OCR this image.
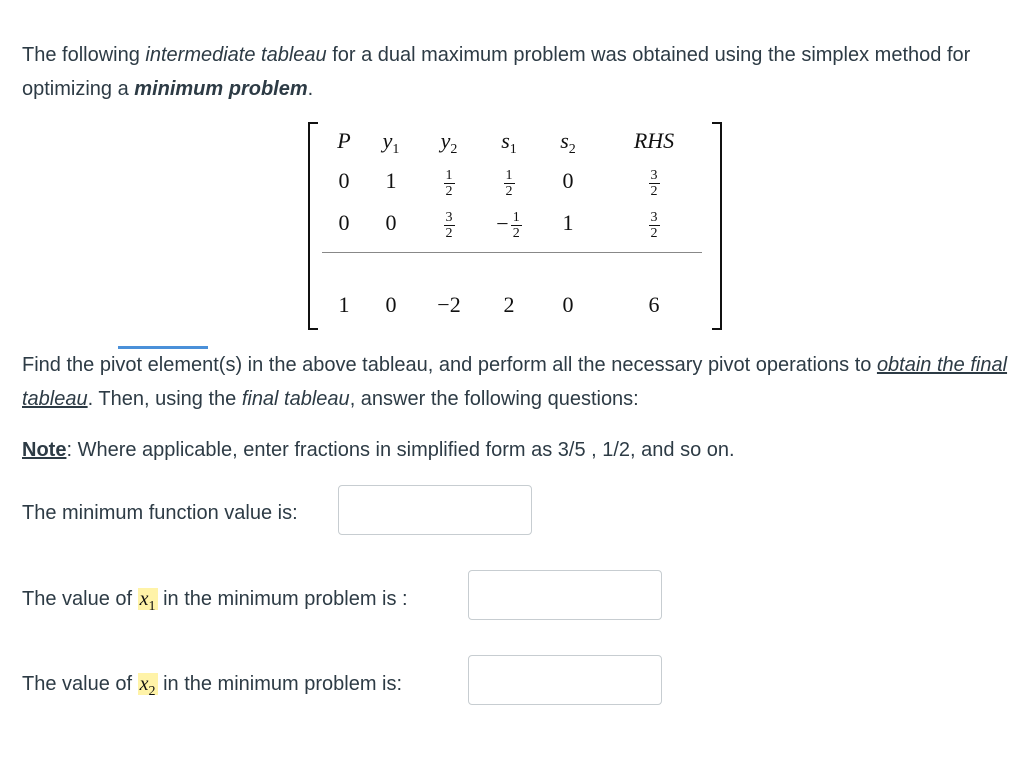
The following intermediate tableau for a dual maximum problem was obtained using the simplex method for optimizing a minimum problem.

P	$y_1$	$y_2$	$s_1$	$s_2$	RHS
0	1	$\frac{1}{2}$	$\frac{1}{2}$	0	$\frac{3}{2}$
0	0	$\frac{3}{2}$	− $\frac{1}{2}$	1	$\frac{3}{2}$
1	0	−2	2	0	6

Find the pivot element(s) in the above tableau, and perform all the necessary pivot operations to obtain the final tableau. Then, using the final tableau, answer the following questions:

Note: Where applicable, enter fractions in simplified form as 3/5 , 1/2, and so on.

The minimum function value is:
The value of $x_1$ in the minimum problem is :
The value of $x_2$ in the minimum problem is:
